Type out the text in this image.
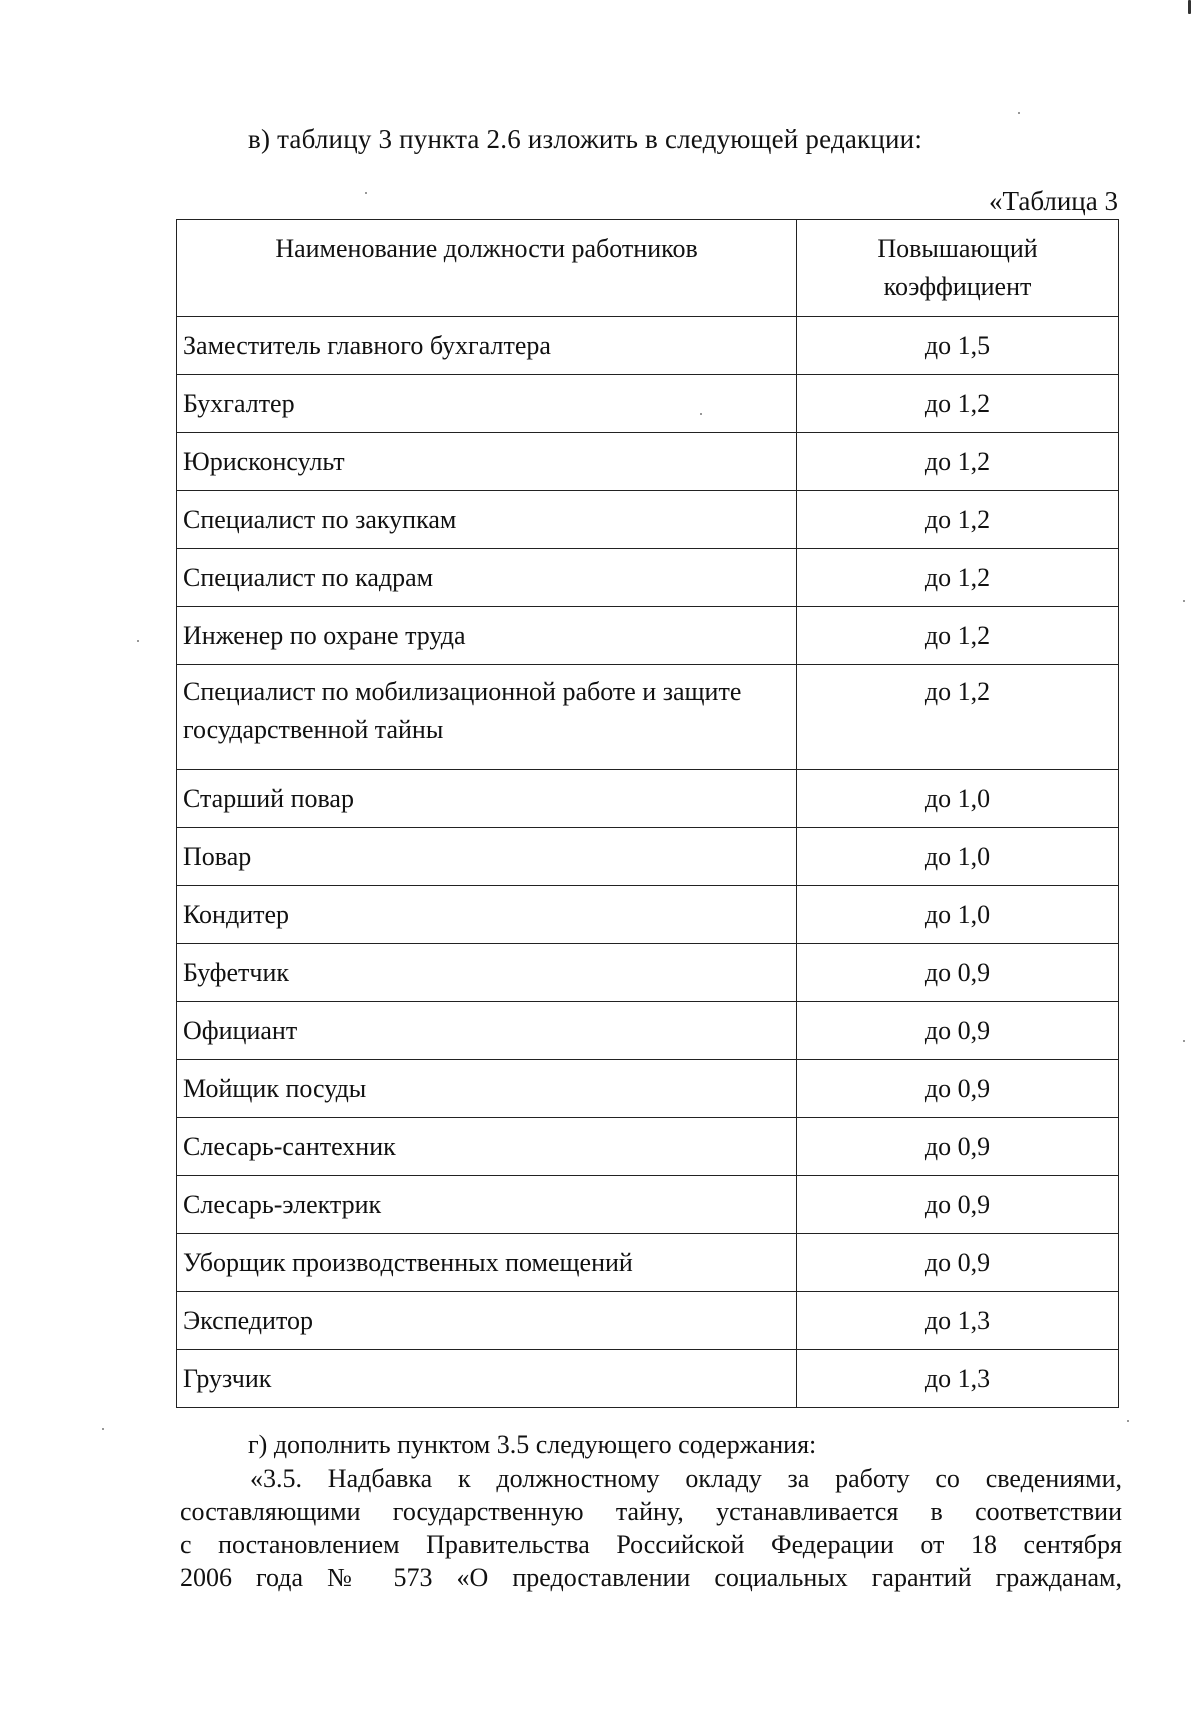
в) таблицу 3 пункта 2.6 изложить в следующей редакции:
«Таблица 3
Наименование должности работников	Повышающий коэффициент
Заместитель главного бухгалтера	до 1,5
Бухгалтер	до 1,2
Юрисконсульт	до 1,2
Специалист по закупкам	до 1,2
Специалист по кадрам	до 1,2
Инженер по охране труда	до 1,2
Специалист по мобилизационной работе и защите государственной тайны	до 1,2
Старший повар	до 1,0
Повар	до 1,0
Кондитер	до 1,0
Буфетчик	до 0,9
Официант	до 0,9
Мойщик посуды	до 0,9
Слесарь-сантехник	до 0,9
Слесарь-электрик	до 0,9
Уборщик производственных помещений	до 0,9
Экспедитор	до 1,3
Грузчик	до 1,3
г) дополнить пунктом 3.5 следующего содержания:
«3.5. Надбавка к должностному окладу за работу со сведениями,
составляющими государственную тайну, устанавливается в соответствии
с постановлением Правительства Российской Федерации от 18 сентября
2006 года № 573 «О предоставлении социальных гарантий гражданам,
